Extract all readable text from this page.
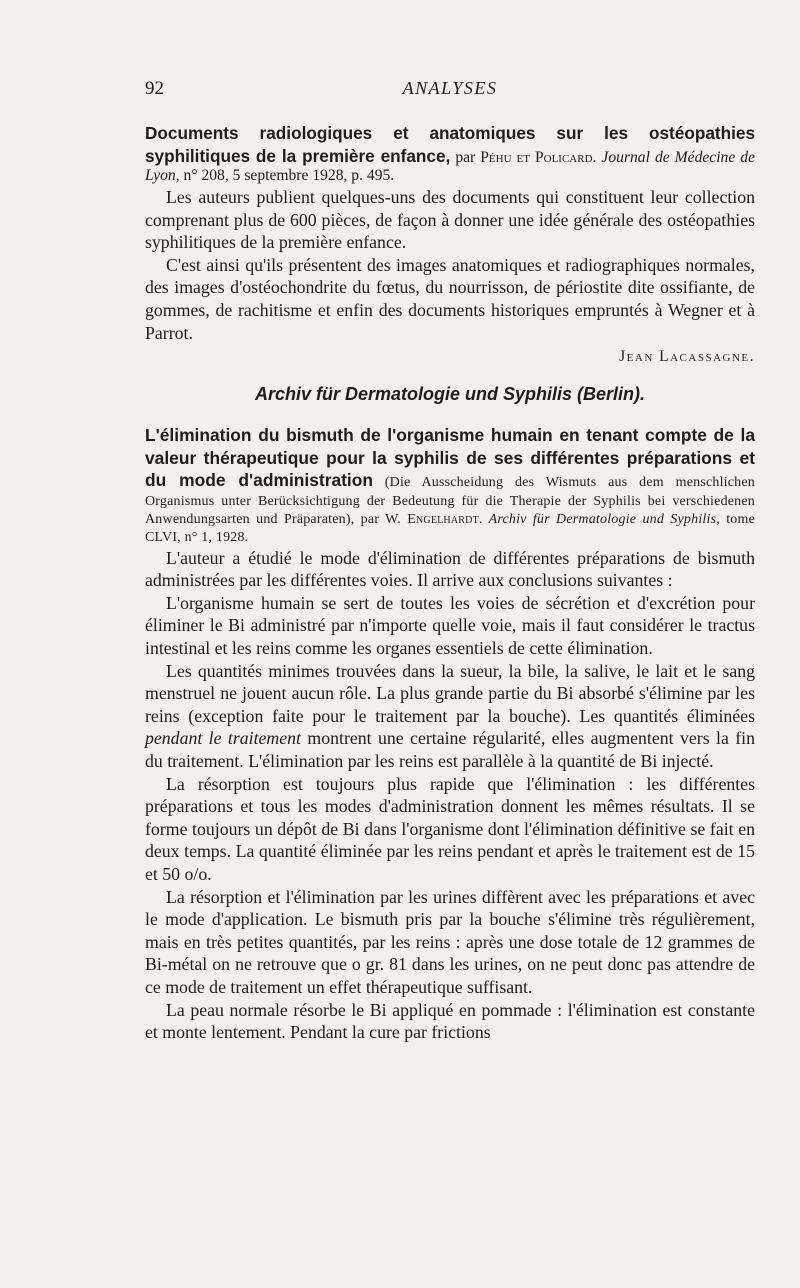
92	ANALYSES
Documents radiologiques et anatomiques sur les ostéopathies syphilitiques de la première enfance, par Péhu et Policard. Journal de Médecine de Lyon, n° 208, 5 septembre 1928, p. 495.

Les auteurs publient quelques-uns des documents qui constituent leur collection comprenant plus de 600 pièces, de façon à donner une idée générale des ostéopathies syphilitiques de la première enfance.

C'est ainsi qu'ils présentent des images anatomiques et radiographiques normales, des images d'ostéochondrite du fœtus, du nourrisson, de périostite dite ossifiante, de gommes, de rachitisme et enfin des documents historiques empruntés à Wegner et à Parrot.

Jean Lacassagne.
Archiv für Dermatologie und Syphilis (Berlin).
L'élimination du bismuth de l'organisme humain en tenant compte de la valeur thérapeutique pour la syphilis de ses différentes préparations et du mode d'administration (Die Ausscheidung des Wismuts aus dem menschlichen Organismus unter Berücksichtigung der Bedeutung für die Therapie der Syphilis bei verschiedenen Anwendungsarten und Präparaten), par W. Engelhardt. Archiv für Dermatologie und Syphilis, tome CLVI, n° 1, 1928.

L'auteur a étudié le mode d'élimination de différentes préparations de bismuth administrées par les différentes voies. Il arrive aux conclusions suivantes :

L'organisme humain se sert de toutes les voies de sécrétion et d'excrétion pour éliminer le Bi administré par n'importe quelle voie, mais il faut considérer le tractus intestinal et les reins comme les organes essentiels de cette élimination.

Les quantités minimes trouvées dans la sueur, la bile, la salive, le lait et le sang menstruel ne jouent aucun rôle. La plus grande partie du Bi absorbé s'élimine par les reins (exception faite pour le traitement par la bouche). Les quantités éliminées pendant le traitement montrent une certaine régularité, elles augmentent vers la fin du traitement. L'élimination par les reins est parallèle à la quantité de Bi injecté.

La résorption est toujours plus rapide que l'élimination : les différentes préparations et tous les modes d'administration donnent les mêmes résultats. Il se forme toujours un dépôt de Bi dans l'organisme dont l'élimination définitive se fait en deux temps. La quantité éliminée par les reins pendant et après le traitement est de 15 et 50 o/o.

La résorption et l'élimination par les urines diffèrent avec les préparations et avec le mode d'application. Le bismuth pris par la bouche s'élimine très régulièrement, mais en très petites quantités, par les reins : après une dose totale de 12 grammes de Bi-métal on ne retrouve que o gr. 81 dans les urines, on ne peut donc pas attendre de ce mode de traitement un effet thérapeutique suffisant.

La peau normale résorbe le Bi appliqué en pommade : l'élimination est constante et monte lentement. Pendant la cure par frictions
